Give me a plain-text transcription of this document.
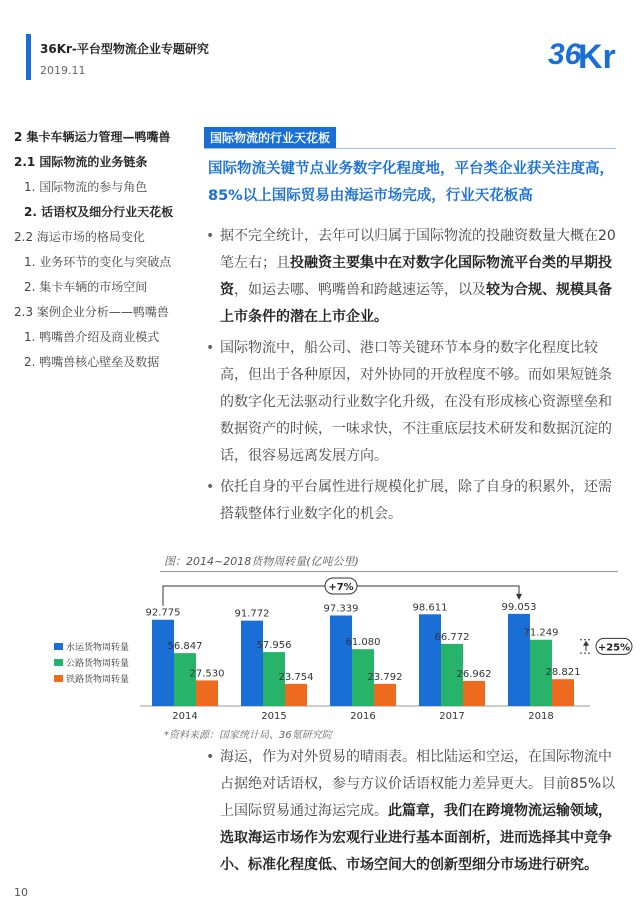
36Kr-平台型物流企业专题研究
2019.11	36
Kr
2 集卡车辆运力管理—鸭嘴兽
2.1 国际物流的业务链条
1. 国际物流的参与角色
2. 话语权及细分行业天花板
2.2 海运市场的格局变化
1. 业务环节的变化与突破点
2. 集卡车辆的市场空间
2.3 案例企业分析——鸭嘴兽
1. 鸭嘴兽介绍及商业模式
2. 鸭嘴兽核心壁垒及数据
国际物流的行业天花板
国际物流关键节点业务数字化程度地，平台类企业获关注度高，85%以上国际贸易由海运市场完成，行业天花板高
• 据不完全统计，去年可以归属于国际物流的投融资数量大概在20笔左右；且投融资主要集中在对数字化国际物流平台类的早期投资，如运去哪、鸭嘴兽和跨越速运等，以及较为合规、规模具备上市条件的潜在上市企业。
• 国际物流中，船公司、港口等关键环节本身的数字化程度比较高，但出于各种原因，对外协同的开放程度不够。而如果短链条的数字化无法驱动行业数字化升级，在没有形成核心资源壁垒和数据资产的时候，一味求快，不注重底层技术研发和数据沉淀的话，很容易远离发展方向。
• 依托自身的平台属性进行规模化扩展，除了自身的积累外，还需搭载整体行业数字化的机会。
图：2014~2018货物周转量(亿吨公里)
92.775
56.847
27.530
2014
91.772
57.956
23.754
2015
97.339
61.080
23.792
2016
98.611
66.772
26.962
2017
99.053
71.249
28.821
2018
水运货物周转量
公路货物周转量
铁路货物周转量
+7%
+25%
*资料来源：国家统计局、36氪研究院
• 海运，作为对外贸易的晴雨表。相比陆运和空运，在国际物流中占据绝对话语权，参与方议价话语权能力差异更大。目前85%以上国际贸易通过海运完成。此篇章，我们在跨境物流运输领域，选取海运市场作为宏观行业进行基本面剖析，进而选择其中竞争小、标准化程度低、市场空间大的创新型细分市场进行研究。
10
